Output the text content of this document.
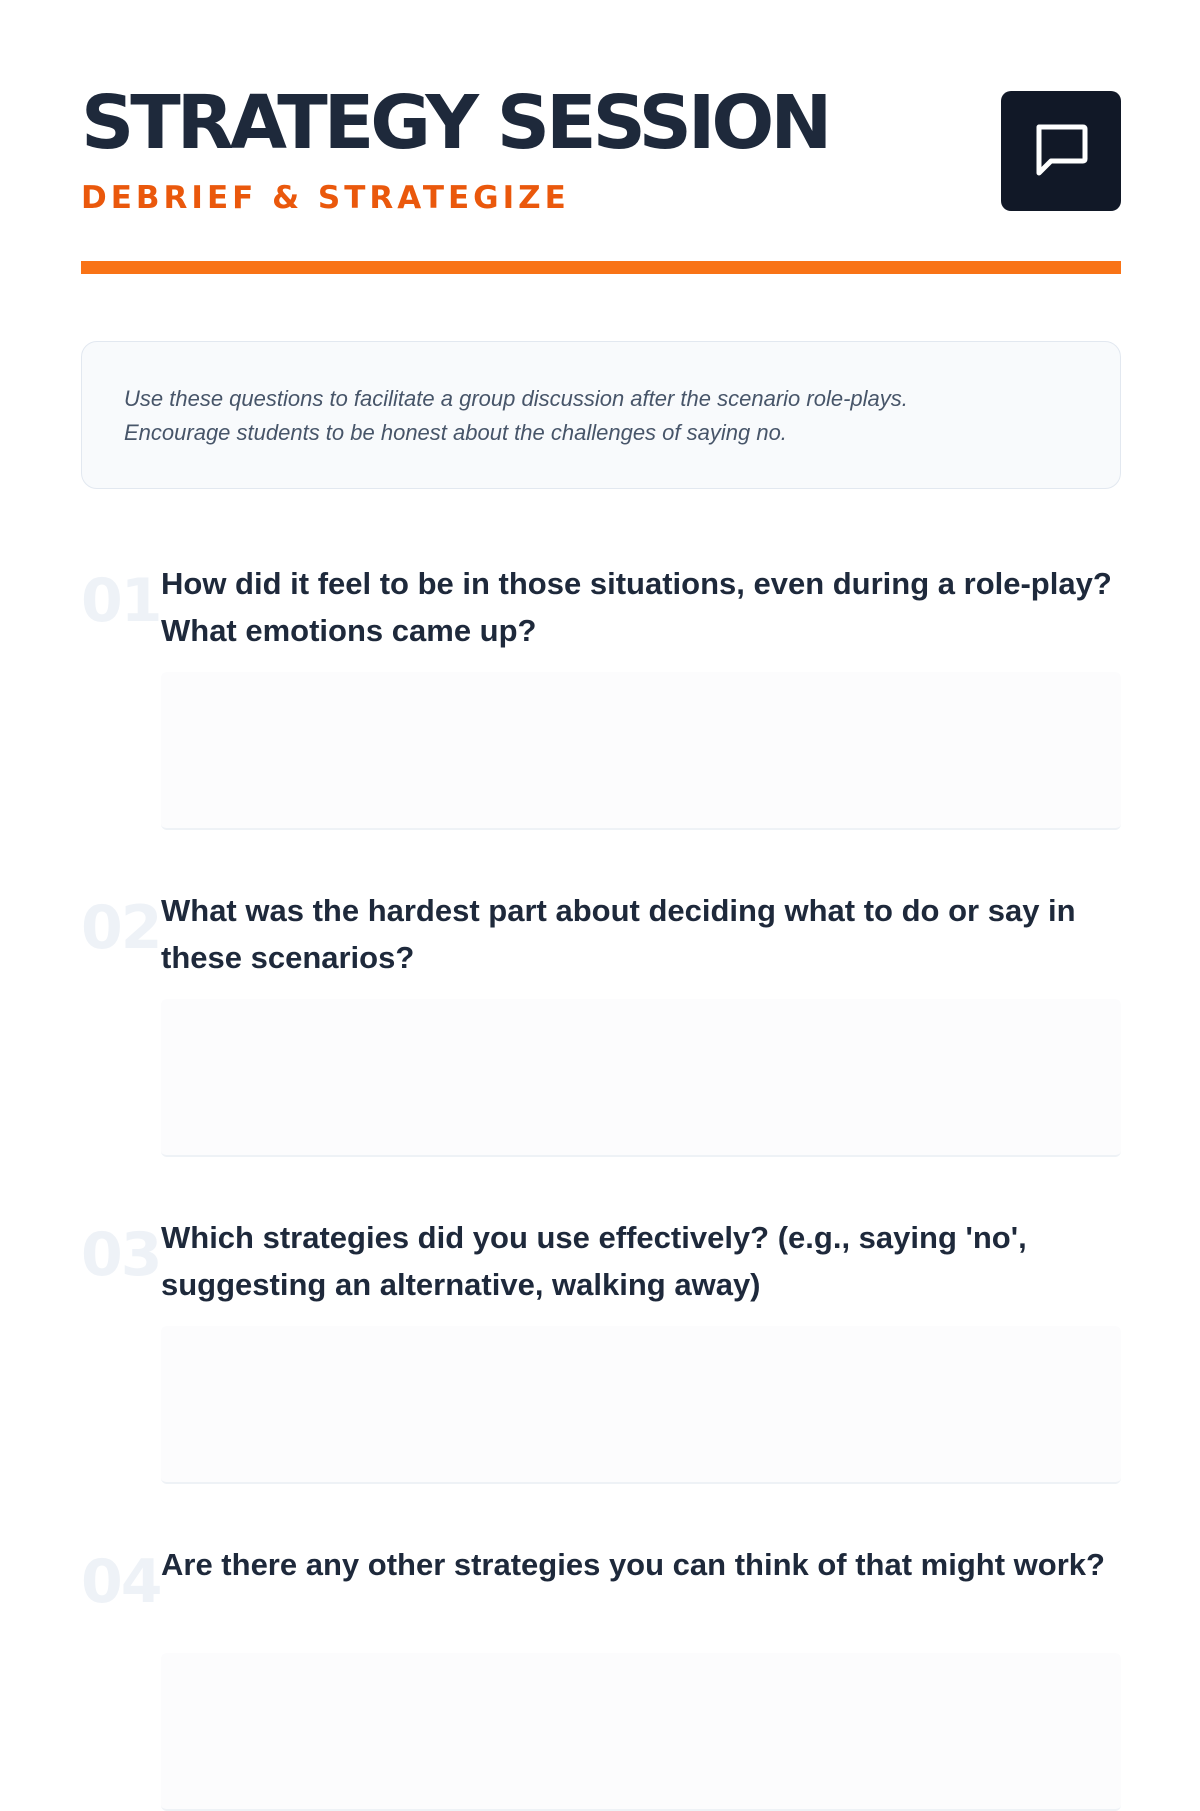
STRATEGY SESSION
DEBRIEF & STRATEGIZE

Use these questions to facilitate a group discussion after the scenario role-plays.

Encourage students to be honest about the challenges of saying no.

01 How did it feel to be in those situations, even during a role-play? What emotions came up?

02 What was the hardest part about deciding what to do or say in these scenarios?

03 Which strategies did you use effectively? (e.g., saying 'no', suggesting an alternative, walking away)

04 Are there any other strategies you can think of that might work?
